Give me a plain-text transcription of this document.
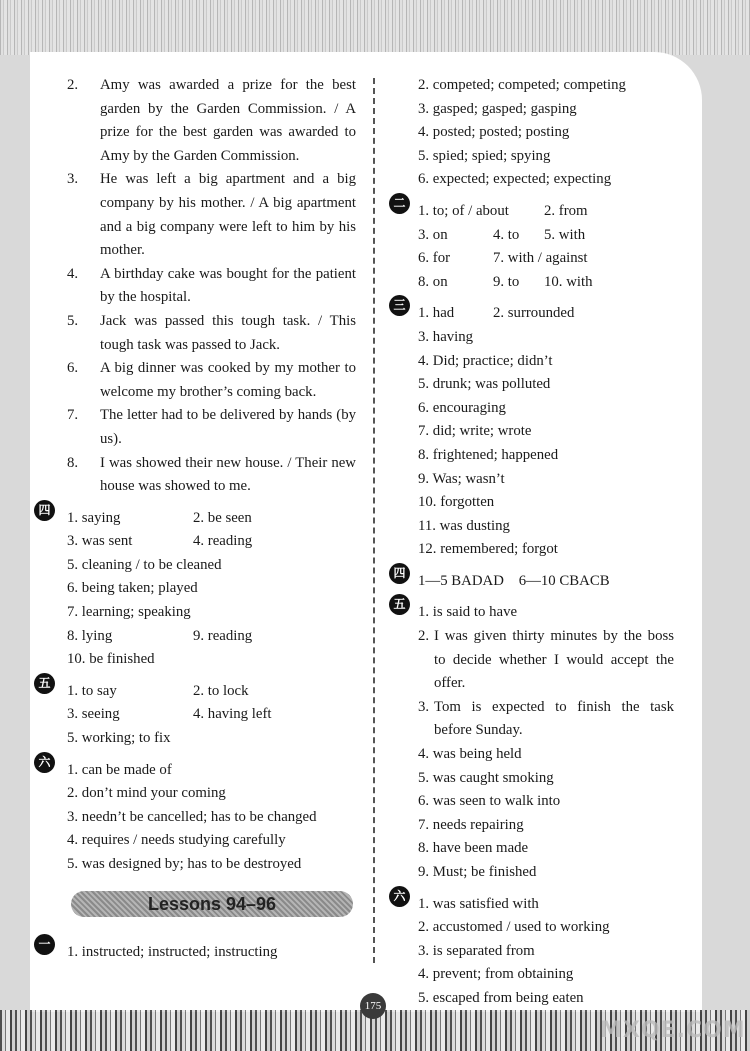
2.	Amy was awarded a prize for the best garden by the Garden Commission. / A prize for the best garden was awarded to Amy by the Garden Commission.
3.	He was left a big apartment and a big company by his mother. / A big apartment and a big company were left to him by his mother.
4.	A birthday cake was bought for the patient by the hospital.
5.	Jack was passed this tough task. / This tough task was passed to Jack.
6.	A big dinner was cooked by my mother to welcome my brother’s coming back.
7.	The letter had to be delivered by hands (by us).
8.	I was showed their new house. / Their new house was showed to me.
四	1. saying	2. be seen
3. was sent	4. reading
5. cleaning / to be cleaned
6. being taken; played
7. learning; speaking
8. lying	9. reading
10. be finished
五	1. to say	2. to lock
3. seeing	4. having left
5. working; to fix
六	1. can be made of
2. don’t mind your coming
3. needn’t be cancelled; has to be changed
4. requires / needs studying carefully
5. was designed by; has to be destroyed
Lessons 94–96
一	1. instructed; instructed; instructing
2. competed; competed; competing
3. gasped; gasped; gasping
4. posted; posted; posting
5. spied; spied; spying
6. expected; expected; expecting
二 1. to; of / about	2. from
3. on	4. to	5. with
6. for	7. with / against
8. on	9. to	10. with
三 1. had	2. surrounded
3. having
4. Did; practice; didn’t
5. drunk; was polluted
6. encouraging
7. did; write; wrote
8. frightened; happened
9. Was; wasn’t
10. forgotten
11. was dusting
12. remembered; forgot
四 1—5 BADAD    6—10 CBACB
五 1. is said to have
2. I was given thirty minutes by the boss to decide whether I would accept the offer.
3. Tom is expected to finish the task before Sunday.
4. was being held
5. was caught smoking
6. was seen to walk into
7. needs repairing
8. have been made
9. Must; be finished
六 1. was satisfied with
2. accustomed / used to working
3. is separated from
4. prevent; from obtaining
5. escaped from being eaten
175
MXQE.COM
